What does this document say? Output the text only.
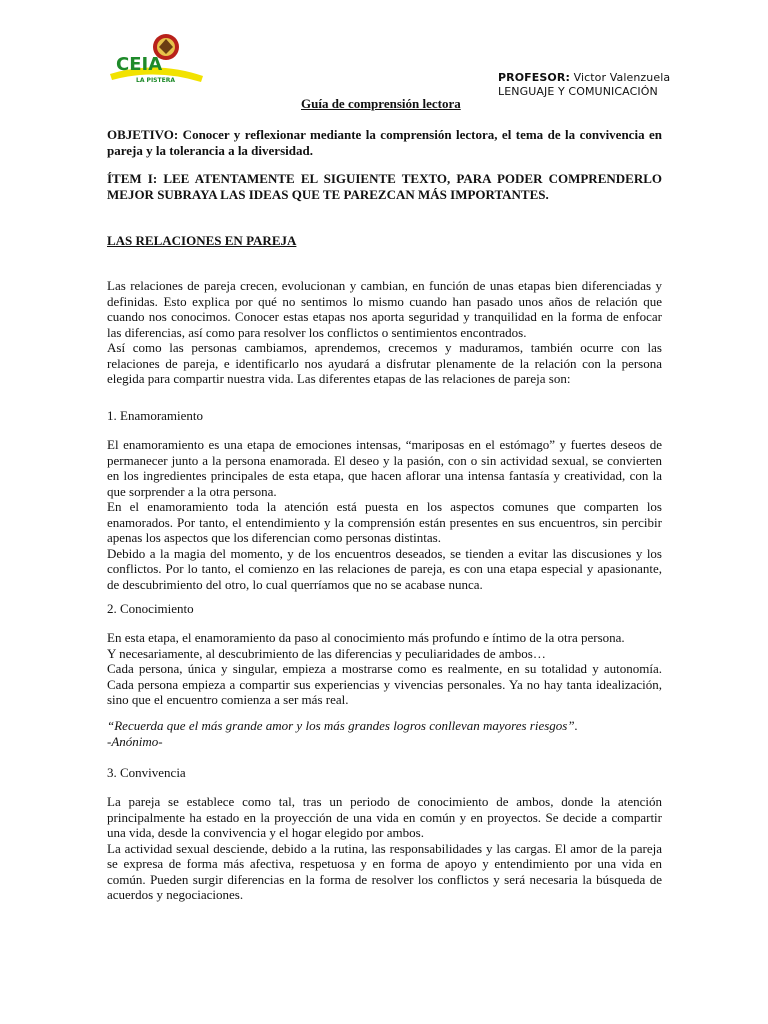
CEIA
LA PISTERA	PROFESOR: Victor Valenzuela
LENGUAJE Y COMUNICACIÓN
Guía de comprensión lectora
OBJETIVO: Conocer y reflexionar mediante la comprensión lectora, el tema de la convivencia en pareja y la tolerancia a la diversidad.
ÍTEM I: LEE ATENTAMENTE EL SIGUIENTE TEXTO, PARA PODER COMPRENDERLO MEJOR SUBRAYA LAS IDEAS QUE TE PAREZCAN MÁS IMPORTANTES.
LAS RELACIONES EN PAREJA

Las relaciones de pareja crecen, evolucionan y cambian, en función de unas etapas bien diferenciadas y definidas. Esto explica por qué no sentimos lo mismo cuando han pasado unos años de relación que cuando nos conocimos. Conocer estas etapas nos aporta seguridad y tranquilidad en la forma de enfocar las diferencias, así como para resolver los conflictos o sentimientos encontrados.

Así como las personas cambiamos, aprendemos, crecemos y maduramos, también ocurre con las relaciones de pareja, e identificarlo nos ayudará a disfrutar plenamente de la relación con la persona elegida para compartir nuestra vida. Las diferentes etapas de las relaciones de pareja son:

1. Enamoramiento

El enamoramiento es una etapa de emociones intensas, “mariposas en el estómago” y fuertes deseos de permanecer junto a la persona enamorada. El deseo y la pasión, con o sin actividad sexual, se convierten en los ingredientes principales de esta etapa, que hacen aflorar una intensa fantasía y creatividad, con la que sorprender a la otra persona.

En el enamoramiento toda la atención está puesta en los aspectos comunes que comparten los enamorados. Por tanto, el entendimiento y la comprensión están presentes en sus encuentros, sin percibir apenas los aspectos que los diferencian como personas distintas.

Debido a la magia del momento, y de los encuentros deseados, se tienden a evitar las discusiones y los conflictos. Por lo tanto, el comienzo en las relaciones de pareja, es con una etapa especial y apasionante, de descubrimiento del otro, lo cual querríamos que no se acabase nunca.

2. Conocimiento

En esta etapa, el enamoramiento da paso al conocimiento más profundo e íntimo de la otra persona.

Y necesariamente, al descubrimiento de las diferencias y peculiaridades de ambos…

Cada persona, única y singular, empieza a mostrarse como es realmente, en su totalidad y autonomía. Cada persona empieza a compartir sus experiencias y vivencias personales. Ya no hay tanta idealización, sino que el encuentro comienza a ser más real.

“Recuerda que el más grande amor y los más grandes logros conllevan mayores riesgos”.

-Anónimo-

3. Convivencia

La pareja se establece como tal, tras un periodo de conocimiento de ambos, donde la atención principalmente ha estado en la proyección de una vida en común y en proyectos. Se decide a compartir una vida, desde la convivencia y el hogar elegido por ambos.

La actividad sexual desciende, debido a la rutina, las responsabilidades y las cargas. El amor de la pareja se expresa de forma más afectiva, respetuosa y en forma de apoyo y entendimiento por una vida en común. Pueden surgir diferencias en la forma de resolver los conflictos y será necesaria la búsqueda de acuerdos y negociaciones.
